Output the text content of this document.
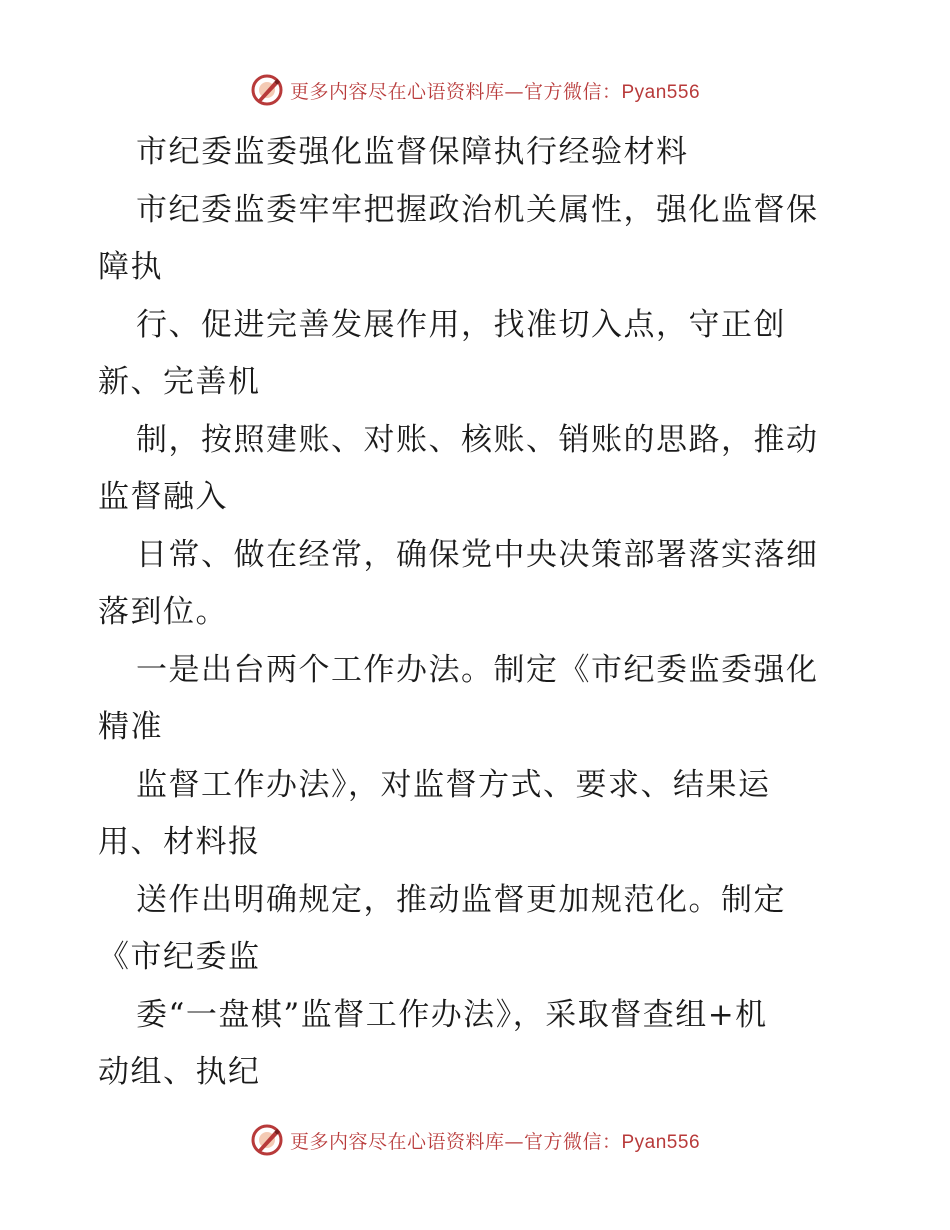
更多内容尽在心语资料库—官方微信：Pyan556
市纪委监委强化监督保障执行经验材料
市纪委监委牢牢把握政治机关属性，强化监督保
障执
行、促进完善发展作用，找准切入点，守正创
新、完善机
制，按照建账、对账、核账、销账的思路，推动
监督融入
日常、做在经常，确保党中央决策部署落实落细
落到位。
一是出台两个工作办法。制定《市纪委监委强化
精准
监督工作办法》，对监督方式、要求、结果运
用、材料报
送作出明确规定，推动监督更加规范化。制定
《市纪委监
委“一盘棋”监督工作办法》，采取督查组+机
动组、执纪
更多内容尽在心语资料库—官方微信：Pyan556
